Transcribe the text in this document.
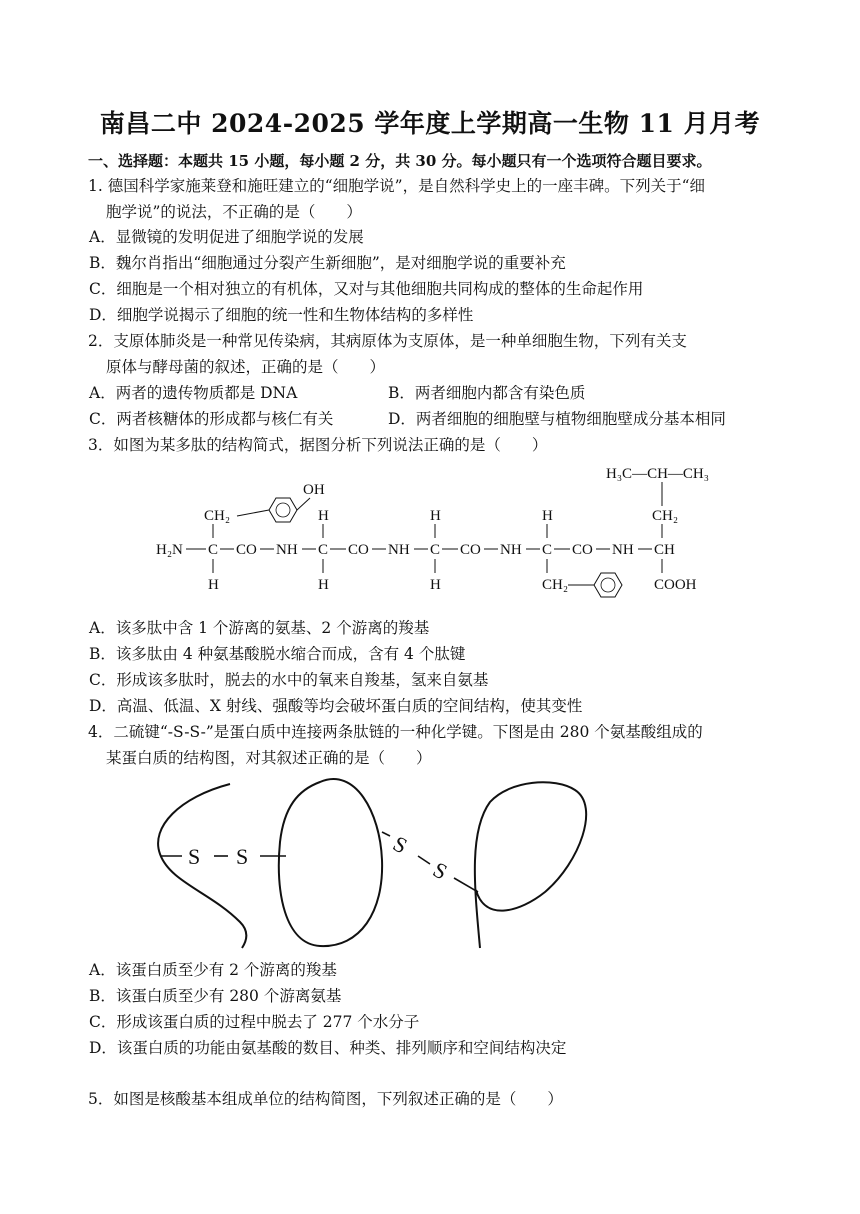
南昌二中 2024-2025 学年度上学期高一生物 11 月月考
一、选择题：本题共 15 小题，每小题 2 分，共 30 分。每小题只有一个选项符合题目要求。
1. 德国科学家施莱登和施旺建立的“细胞学说”，是自然科学史上的一座丰碑。下列关于“细
胞学说”的说法，不正确的是（　　）
A．显微镜的发明促进了细胞学说的发展
B．魏尔肖指出“细胞通过分裂产生新细胞”，是对细胞学说的重要补充
C．细胞是一个相对独立的有机体，又对与其他细胞共同构成的整体的生命起作用
D．细胞学说揭示了细胞的统一性和生物体结构的多样性
2．支原体肺炎是一种常见传染病，其病原体为支原体，是一种单细胞生物，下列有关支
原体与酵母菌的叙述，正确的是（　　）
A．两者的遗传物质都是 DNA	B．两者细胞内都含有染色质
C．两者核糖体的形成都与核仁有关	D．两者细胞的细胞壁与植物细胞壁成分基本相同
3．如图为某多肽的结构简式，据图分析下列说法正确的是（　　）
H₃C—CH—CH₃
OH
CH₂	H	H	H	CH₂
H₂N C CO NH C CO NH C CO NH C CO NH CH
H	H	H	CH₂	COOH
A．该多肽中含 1 个游离的氨基、2 个游离的羧基
B．该多肽由 4 种氨基酸脱水缩合而成，含有 4 个肽键
C．形成该多肽时，脱去的水中的氧来自羧基，氢来自氨基
D．高温、低温、X 射线、强酸等均会破坏蛋白质的空间结构，使其变性
4．二硫键“-S-S-”是蛋白质中连接两条肽链的一种化学键。下图是由 280 个氨基酸组成的
某蛋白质的结构图，对其叙述正确的是（　　）
S S	S
S
A．该蛋白质至少有 2 个游离的羧基
B．该蛋白质至少有 280 个游离氨基
C．形成该蛋白质的过程中脱去了 277 个水分子
D．该蛋白质的功能由氨基酸的数目、种类、排列顺序和空间结构决定
5．如图是核酸基本组成单位的结构简图，下列叙述正确的是（　　）
